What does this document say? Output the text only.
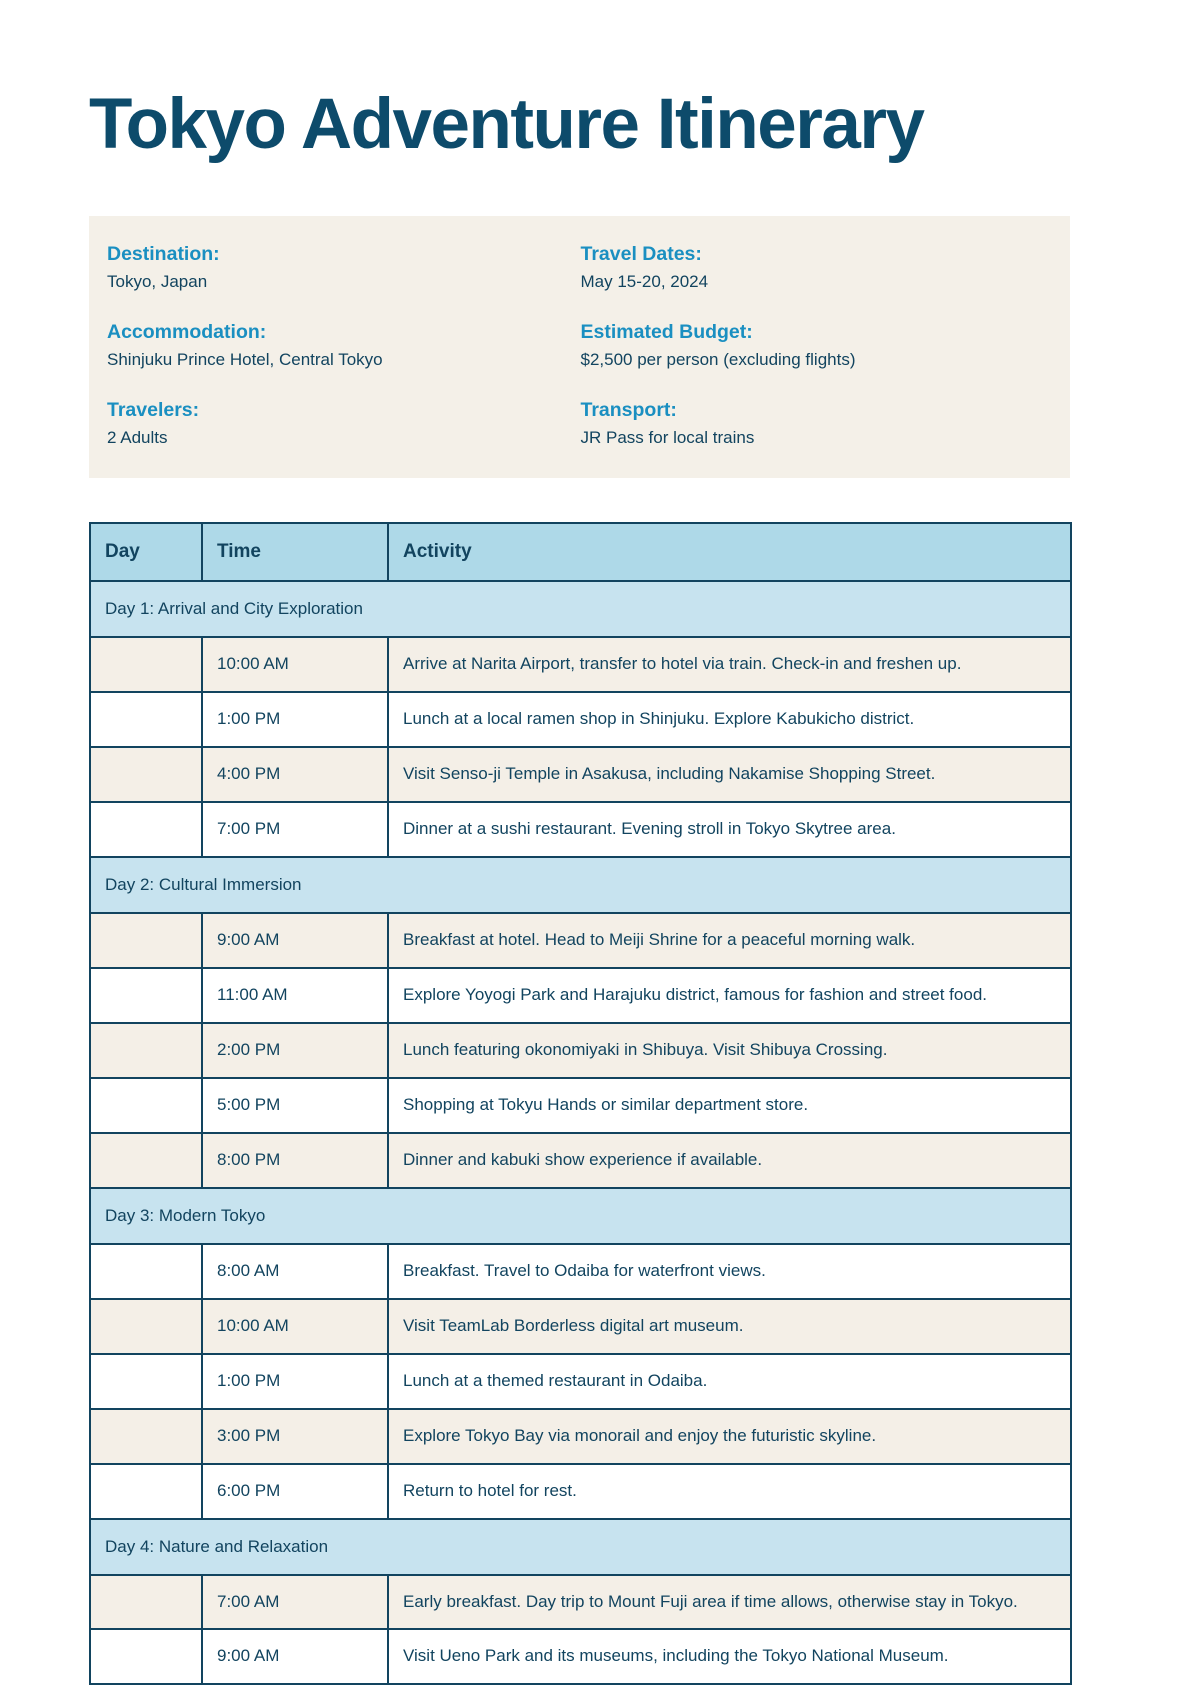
Tokyo Adventure Itinerary
Destination:
Tokyo, Japan
Accommodation:
Shinjuku Prince Hotel, Central Tokyo
Travelers:
2 Adults
Travel Dates:
May 15-20, 2024
Estimated Budget:
$2,500 per person (excluding flights)
Transport:
JR Pass for local trains
Day	Time	Activity
Day 1: Arrival and City Exploration		
	10:00 AM	Arrive at Narita Airport, transfer to hotel via train. Check-in and freshen up.
	1:00 PM	Lunch at a local ramen shop in Shinjuku. Explore Kabukicho district.
	4:00 PM	Visit Senso-ji Temple in Asakusa, including Nakamise Shopping Street.
	7:00 PM	Dinner at a sushi restaurant. Evening stroll in Tokyo Skytree area.
Day 2: Cultural Immersion		
	9:00 AM	Breakfast at hotel. Head to Meiji Shrine for a peaceful morning walk.
	11:00 AM	Explore Yoyogi Park and Harajuku district, famous for fashion and street food.
	2:00 PM	Lunch featuring okonomiyaki in Shibuya. Visit Shibuya Crossing.
	5:00 PM	Shopping at Tokyu Hands or similar department store.
	8:00 PM	Dinner and kabuki show experience if available.
Day 3: Modern Tokyo		
	8:00 AM	Breakfast. Travel to Odaiba for waterfront views.
	10:00 AM	Visit TeamLab Borderless digital art museum.
	1:00 PM	Lunch at a themed restaurant in Odaiba.
	3:00 PM	Explore Tokyo Bay via monorail and enjoy the futuristic skyline.
	6:00 PM	Return to hotel for rest.
Day 4: Nature and Relaxation		
	7:00 AM	Early breakfast. Day trip to Mount Fuji area if time allows, otherwise stay in Tokyo.
	9:00 AM	Visit Ueno Park and its museums, including the Tokyo National Museum.
